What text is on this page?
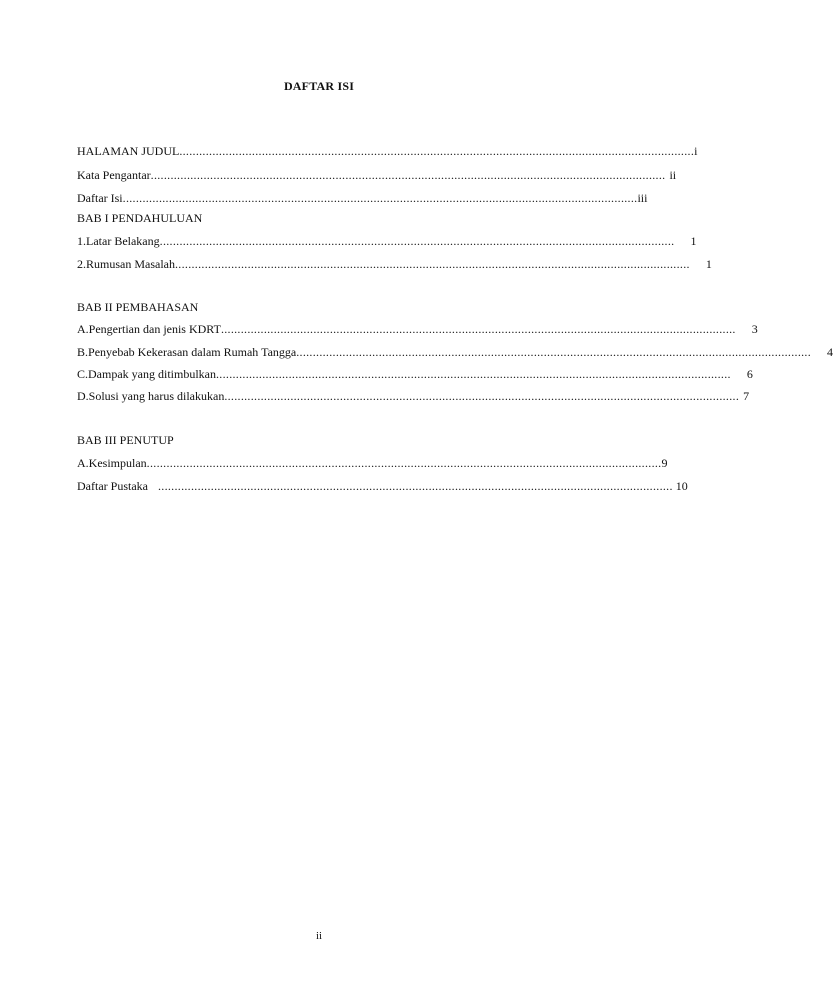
DAFTAR ISI
HALAMAN JUDUL ............................................................................................................................................................ i
Kata Pengantar ............................................................................................................................................................ ii
Daftar Isi ............................................................................................................................................................ iii
BAB I PENDAHULUAN
1. Latar Belakang ............................................................................................................................................................	1
2. Rumusan Masalah ............................................................................................................................................................	1
BAB II PEMBAHASAN
A. Pengertian dan jenis KDRT ............................................................................................................................................................	3
B. Penyebab Kekerasan dalam Rumah Tangga ............................................................................................................................................................	4
C. Dampak yang ditimbulkan ............................................................................................................................................................	6
D. Solusi yang harus dilakukan ............................................................................................................................................................ 7
BAB III PENUTUP
A. Kesimpulan ............................................................................................................................................................ 9
Daftar Pustaka ............................................................................................................................................................ 10
ii
